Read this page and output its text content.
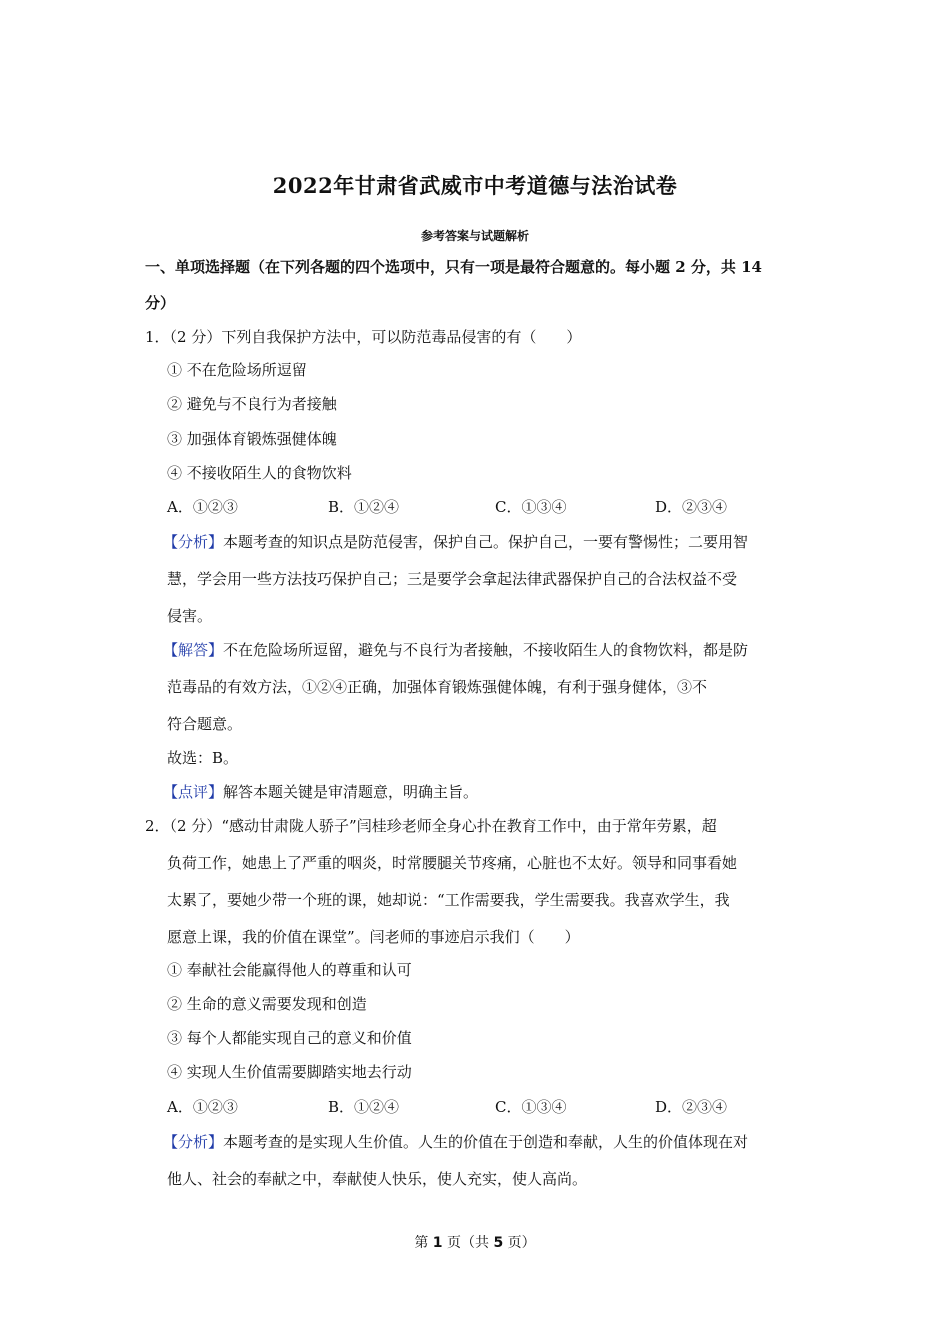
2022年甘肃省武威市中考道德与法治试卷
参考答案与试题解析
一、单项选择题（在下列各题的四个选项中，只有一项是最符合题意的。每小题 2 分，共 14
分）
1．（2 分）下列自我保护方法中，可以防范毒品侵害的有（　　）
① 不在危险场所逗留
② 避免与不良行为者接触
③ 加强体育锻炼强健体魄
④ 不接收陌生人的食物饮料
A．①②③	B．①②④	C．①③④	D．②③④
【分析】本题考查的知识点是防范侵害，保护自己。保护自己，一要有警惕性；二要用智
慧，学会用一些方法技巧保护自己；三是要学会拿起法律武器保护自己的合法权益不受
侵害。
【解答】不在危险场所逗留，避免与不良行为者接触，不接收陌生人的食物饮料，都是防
范毒品的有效方法，①②④正确，加强体育锻炼强健体魄，有利于强身健体，③不
符合题意。
故选：B。
【点评】解答本题关键是审清题意，明确主旨。
2．（2 分）“感动甘肃陇人骄子”闫桂珍老师全身心扑在教育工作中，由于常年劳累，超
负荷工作，她患上了严重的咽炎，时常腰腿关节疼痛，心脏也不太好。领导和同事看她
太累了，要她少带一个班的课，她却说：“工作需要我，学生需要我。我喜欢学生，我
愿意上课，我的价值在课堂”。闫老师的事迹启示我们（　　）
① 奉献社会能赢得他人的尊重和认可
② 生命的意义需要发现和创造
③ 每个人都能实现自己的意义和价值
④ 实现人生价值需要脚踏实地去行动
A．①②③	B．①②④	C．①③④	D．②③④
【分析】本题考查的是实现人生价值。人生的价值在于创造和奉献，人生的价值体现在对
他人、社会的奉献之中，奉献使人快乐，使人充实，使人高尚。
第 1 页（共 5 页）
